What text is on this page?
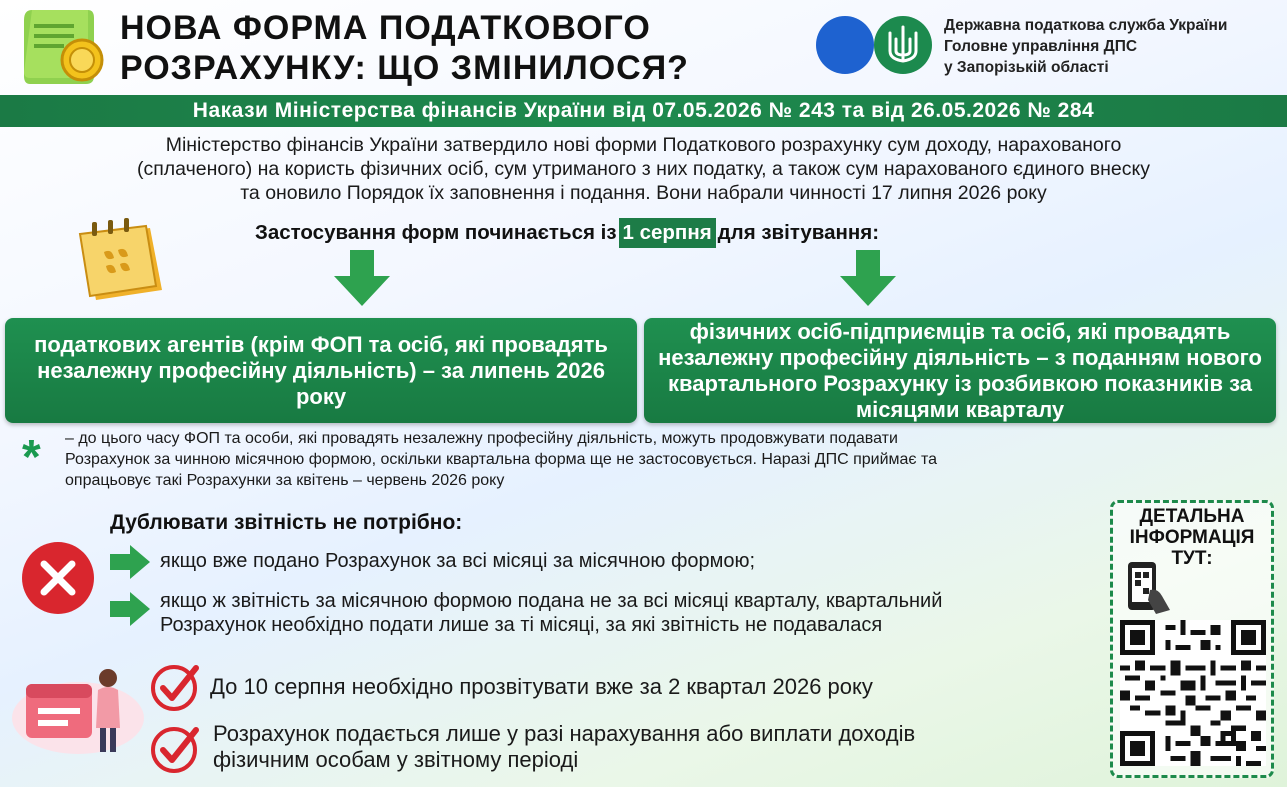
НОВА ФОРМА ПОДАТКОВОГО
РОЗРАХУНКУ: ЩО ЗМІНИЛОСЯ?
Державна податкова служба України
Головне управління ДПС
у Запорізькій області
Накази Міністерства фінансів України від 07.05.2026 № 243 та від 26.05.2026 № 284
Міністерство фінансів України затвердило нові форми Податкового розрахунку сум доходу, нарахованого
(сплаченого) на користь фізичних осіб, сум утриманого з них податку, а також сум нарахованого єдиного внеску
та оновило Порядок їх заповнення і подання. Вони набрали чинності 17 липня 2026 року
Застосування форм починається із 1 серпня для звітування:
податкових агентів (крім ФОП та осіб, які провадять незалежну професійну діяльність) – за липень 2026 року
фізичних осіб-підприємців та осіб, які провадять незалежну професійну діяльність – з поданням нового квартального Розрахунку із розбивкою показників за місяцями кварталу
*	– до цього часу ФОП та особи, які провадять незалежну професійну діяльність, можуть продовжувати подавати
Розрахунок за чинною місячною формою, оскільки квартальна форма ще не застосовується. Наразі ДПС приймає та
опрацьовує такі Розрахунки за квітень – червень 2026 року
Дублювати звітність не потрібно:
якщо вже подано Розрахунок за всі місяці за місячною формою;
якщо ж звітність за місячною формою подана не за всі місяці кварталу, квартальний
Розрахунок необхідно подати лише за ті місяці, за які звітність не подавалася
До 10 серпня необхідно прозвітувати вже за 2 квартал 2026 року
Розрахунок подається лише у разі нарахування або виплати доходів
фізичним особам у звітному періоді
ДЕТАЛЬНА
ІНФОРМАЦІЯ
ТУТ:
